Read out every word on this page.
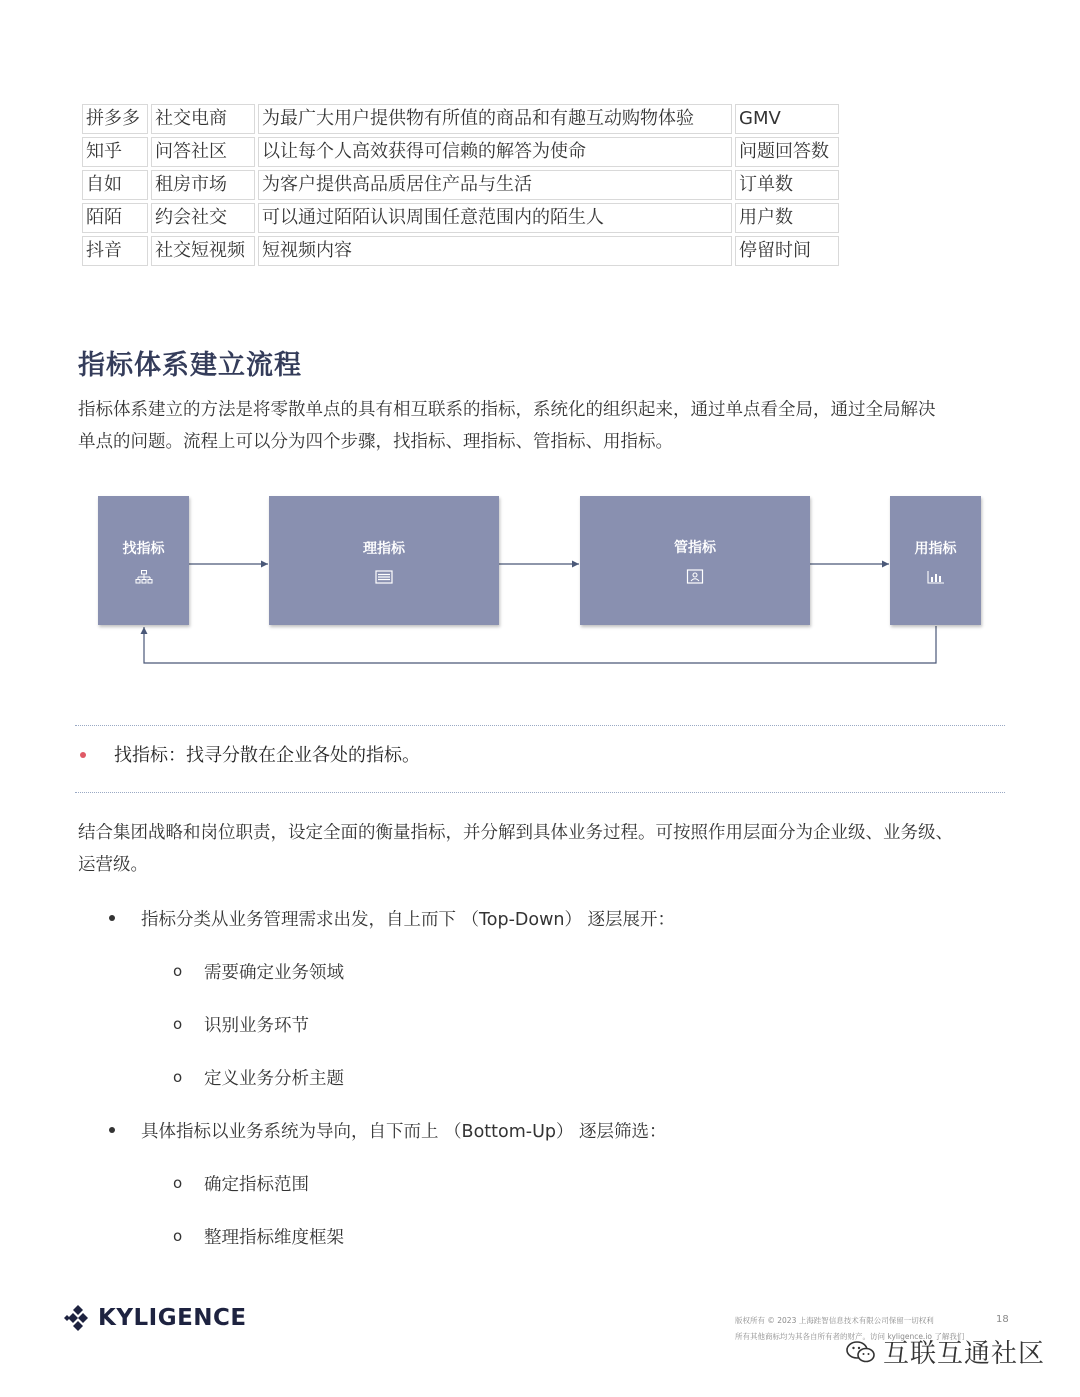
拼多多	社交电商	为最广大用户提供物有所值的商品和有趣互动购物体验	GMV
知乎	问答社区	以让每个人高效获得可信赖的解答为使命	问题回答数
自如	租房市场	为客户提供高品质居住产品与生活	订单数
陌陌	约会社交	可以通过陌陌认识周围任意范围内的陌生人	用户数
抖音	社交短视频	短视频内容	停留时间
指标体系建立流程
指标体系建立的方法是将零散单点的具有相互联系的指标，系统化的组织起来，通过单点看全局，通过全局解决
单点的问题。流程上可以分为四个步骤，找指标、理指标、管指标、用指标。
找指标	理指标	管指标	用指标
找指标：找寻分散在企业各处的指标。
结合集团战略和岗位职责，设定全面的衡量指标，并分解到具体业务过程。可按照作用层面分为企业级、业务级、
运营级。
指标分类从业务管理需求出发，自上而下 （Top-Down） 逐层展开：
o 需要确定业务领域
o 识别业务环节
o 定义业务分析主题
具体指标以业务系统为导向，自下而上 （Bottom-Up） 逐层筛选：
o 确定指标范围
o 整理指标维度框架
KYLIGENCE	版权所有 © 2023 上海跬智信息技术有限公司保留一切权利
所有其他商标均为其各自所有者的财产。访问 kyligence.io 了解我们
18
互联互通社区
